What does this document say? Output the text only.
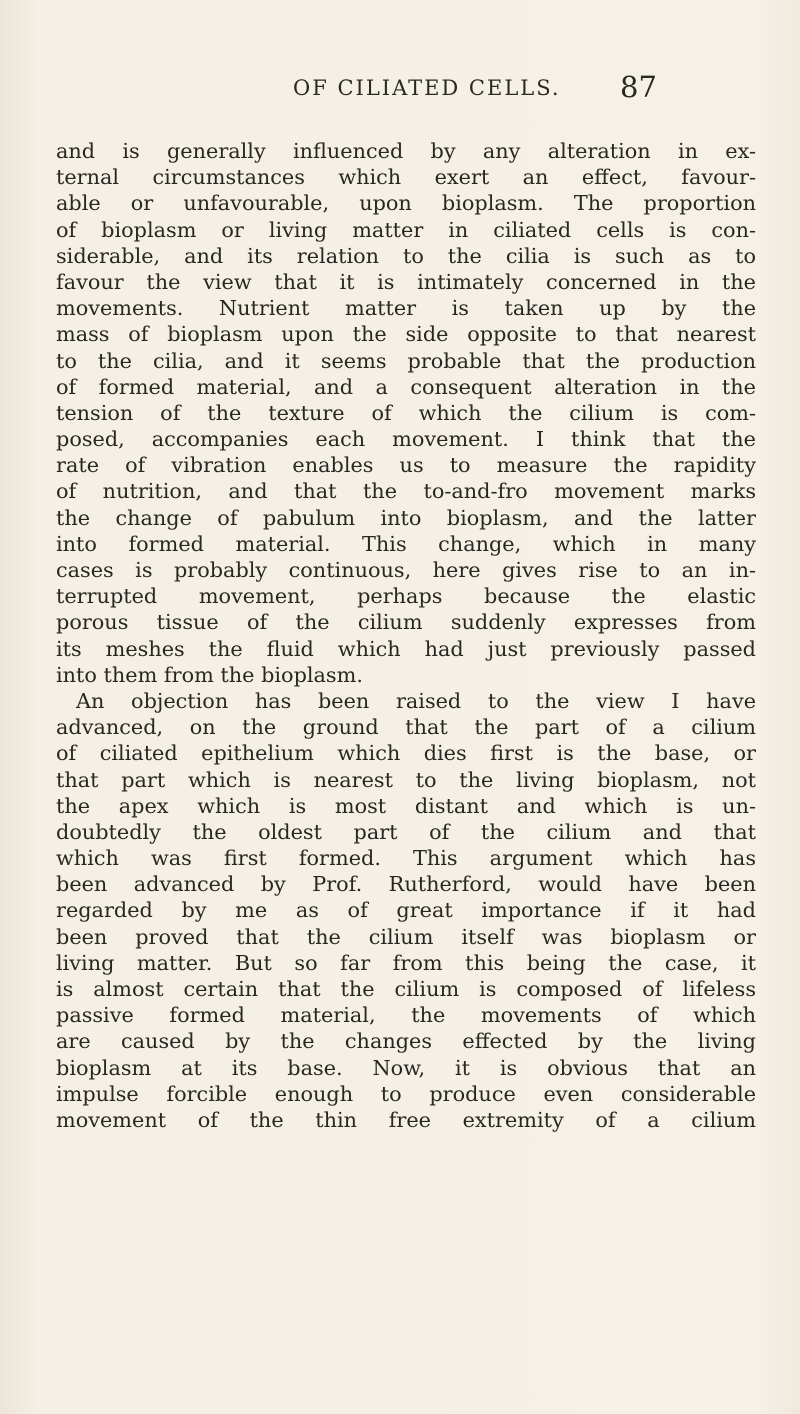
OF CILIATED CELLS. 87
and is generally influenced by any alteration in ex-
ternal circumstances which exert an effect, favour-
able or unfavourable, upon bioplasm. The proportion
of bioplasm or living matter in ciliated cells is con-
siderable, and its relation to the cilia is such as to
favour the view that it is intimately concerned in the
movements. Nutrient matter is taken up by the
mass of bioplasm upon the side opposite to that nearest
to the cilia, and it seems probable that the production
of formed material, and a consequent alteration in the
tension of the texture of which the cilium is com-
posed, accompanies each movement. I think that the
rate of vibration enables us to measure the rapidity
of nutrition, and that the to-and-fro movement marks
the change of pabulum into bioplasm, and the latter
into formed material. This change, which in many
cases is probably continuous, here gives rise to an in-
terrupted movement, perhaps because the elastic
porous tissue of the cilium suddenly expresses from
its meshes the fluid which had just previously passed
into them from the bioplasm.
An objection has been raised to the view I have
advanced, on the ground that the part of a cilium
of ciliated epithelium which dies first is the base, or
that part which is nearest to the living bioplasm, not
the apex which is most distant and which is un-
doubtedly the oldest part of the cilium and that
which was first formed. This argument which has
been advanced by Prof. Rutherford, would have been
regarded by me as of great importance if it had
been proved that the cilium itself was bioplasm or
living matter. But so far from this being the case, it
is almost certain that the cilium is composed of lifeless
passive formed material, the movements of which
are caused by the changes effected by the living
bioplasm at its base. Now, it is obvious that an
impulse forcible enough to produce even considerable
movement of the thin free extremity of a cilium
